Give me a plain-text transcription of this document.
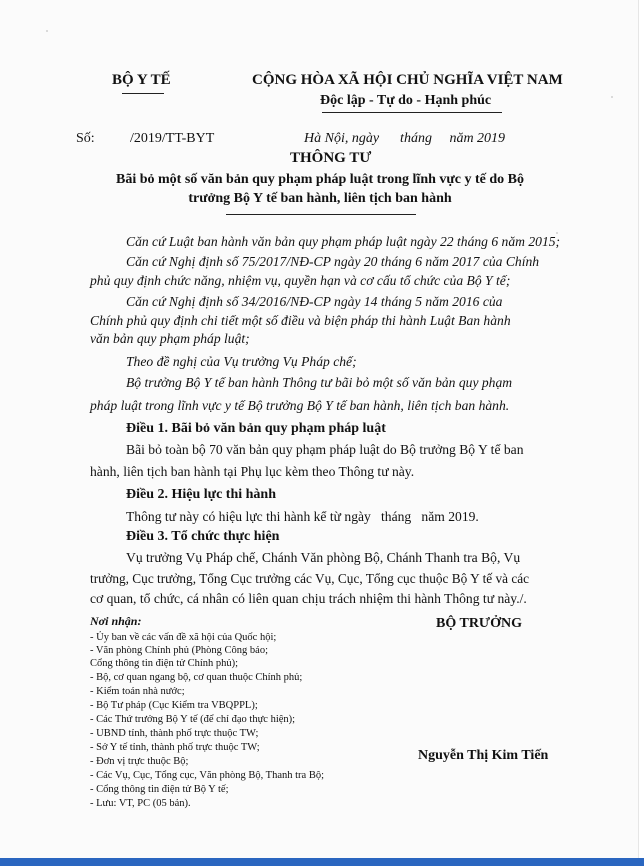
BỘ Y TẾ	CỘNG HÒA XÃ HỘI CHỦ NGHĨA VIỆT NAM
Độc lập - Tự do - Hạnh phúc
Số:	/2019/TT-BYT	Hà Nội, ngày      tháng     năm 2019
THÔNG TƯ
Bãi bỏ một số văn bản quy phạm pháp luật trong lĩnh vực y tế do Bộ
trưởng Bộ Y tế ban hành, liên tịch ban hành
Căn cứ Luật ban hành văn bản quy phạm pháp luật ngày 22 tháng 6 năm 2015;
Căn cứ Nghị định số 75/2017/NĐ-CP ngày 20 tháng 6 năm 2017 của Chính
phủ quy định chức năng, nhiệm vụ, quyền hạn và cơ cấu tổ chức của Bộ Y tế;
Căn cứ Nghị định số 34/2016/NĐ-CP ngày 14 tháng 5 năm 2016 của
Chính phủ quy định chi tiết một số điều và biện pháp thi hành Luật Ban hành
văn bản quy phạm pháp luật;
Theo đề nghị của Vụ trưởng Vụ Pháp chế;
Bộ trưởng Bộ Y tế ban hành Thông tư bãi bỏ một số văn bản quy phạm
pháp luật trong lĩnh vực y tế Bộ trưởng Bộ Y tế ban hành, liên tịch ban hành.
Điều 1. Bãi bỏ văn bản quy phạm pháp luật
Bãi bỏ toàn bộ 70 văn bản quy phạm pháp luật do Bộ trưởng Bộ Y tế ban
hành, liên tịch ban hành tại Phụ lục kèm theo Thông tư này.
Điều 2. Hiệu lực thi hành
Thông tư này có hiệu lực thi hành kể từ ngày   tháng   năm 2019.
Điều 3. Tổ chức thực hiện
Vụ trưởng Vụ Pháp chế, Chánh Văn phòng Bộ, Chánh Thanh tra Bộ, Vụ
trưởng, Cục trưởng, Tổng Cục trưởng các Vụ, Cục, Tổng cục thuộc Bộ Y tế và các
cơ quan, tổ chức, cá nhân có liên quan chịu trách nhiệm thi hành Thông tư này./.
Nơi nhận:
- Ủy ban về các vấn đề xã hội của Quốc hội;
- Văn phòng Chính phủ (Phòng Công báo;
Cổng thông tin điện tử Chính phủ);
- Bộ, cơ quan ngang bộ, cơ quan thuộc Chính phủ;
- Kiểm toán nhà nước;
- Bộ Tư pháp (Cục Kiểm tra VBQPPL);
- Các Thứ trưởng Bộ Y tế (để chỉ đạo thực hiện);
- UBND tỉnh, thành phố trực thuộc TW;
- Sở Y tế tỉnh, thành phố trực thuộc TW;
- Đơn vị trực thuộc Bộ;
- Các Vụ, Cục, Tổng cục, Văn phòng Bộ, Thanh tra Bộ;
- Cổng thông tin điện tử Bộ Y tế;
- Lưu: VT, PC (05 bản).
BỘ TRƯỞNG
Nguyễn Thị Kim Tiến
